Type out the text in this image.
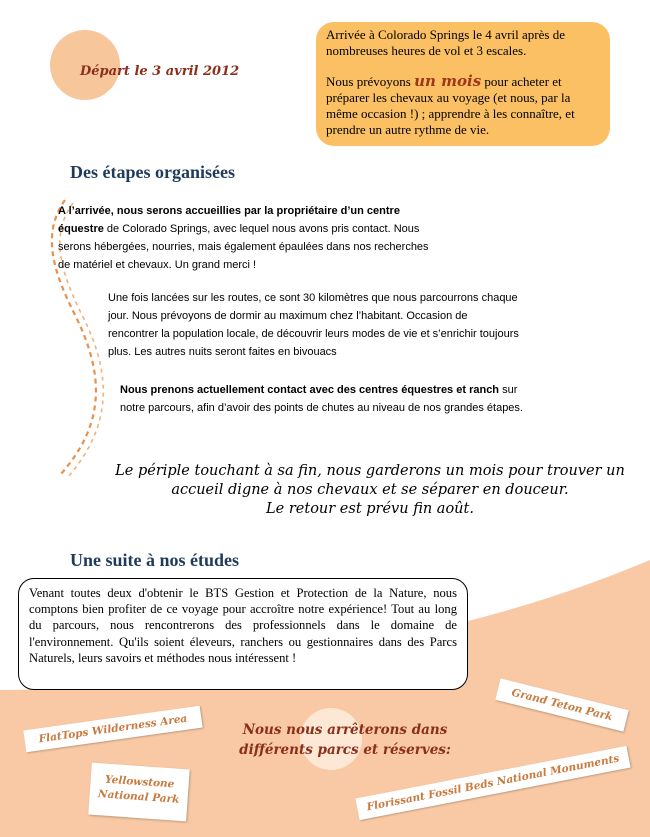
Départ le 3 avril 2012

Arrivée à Colorado Springs le 4 avril après de nombreuses heures de vol et 3 escales.

Nous prévoyons un mois pour acheter et préparer les chevaux au voyage (et nous, par la même occasion !) ; apprendre à les connaître, et prendre un autre rythme de vie.

Des étapes organisées
A l’arrivée, nous serons accueillies par la propriétaire d’un centre équestre de Colorado Springs, avec lequel nous avons pris contact. Nous serons hébergées, nourries, mais également épaulées dans nos recherches de matériel et chevaux. Un grand merci !
Une fois lancées sur les routes, ce sont 30 kilomètres que nous parcourrons chaque jour. Nous prévoyons de dormir au maximum chez l’habitant. Occasion de rencontrer la population locale, de découvrir leurs modes de vie et s’enrichir toujours plus. Les autres nuits seront faites en bivouacs
Nous prenons actuellement contact avec des centres équestres et ranch sur notre parcours, afin d’avoir des points de chutes au niveau de nos grandes étapes.
Le périple touchant à sa fin, nous garderons un mois pour trouver un
accueil digne à nos chevaux et se séparer en douceur.
Le retour est prévu fin août.
Une suite à nos études
Venant toutes deux d'obtenir le BTS Gestion et Protection de la Nature, nous comptons bien profiter de ce voyage pour accroître notre expérience! Tout au long du parcours, nous rencontrerons des professionnels dans le domaine de l'environnement. Qu'ils soient éleveurs, ranchers ou gestionnaires dans des Parcs Naturels, leurs savoirs et méthodes nous intéressent !
Nous nous arrêterons dans
différents parcs et réserves:
FlatTops Wilderness Area
Grand Teton Park
Yellowstone
National Park	Florissant Fossil Beds National Monuments
